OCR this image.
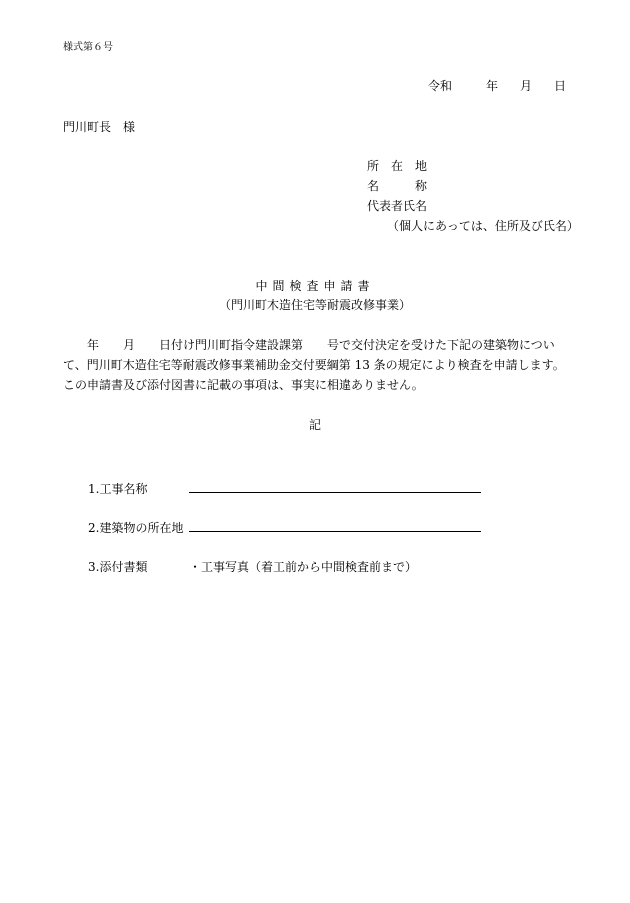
様式第６号
令和	年 月 日
門川町長　様
所　在　地
名　　　称
代表者氏名
（個人にあっては、住所及び氏名）
中間検査申請書
（門川町木造住宅等耐震改修事業）
　　年　　月　　日付け門川町指令建設課第　　号で交付決定を受けた下記の建築物について、門川町木造住宅等耐震改修事業補助金交付要綱第 13 条の規定により検査を申請します。この申請書及び添付図書に記載の事項は、事実に相違ありません。
記
1.工事名称
2.建築物の所在地
3.添付書類	・工事写真（着工前から中間検査前まで）
